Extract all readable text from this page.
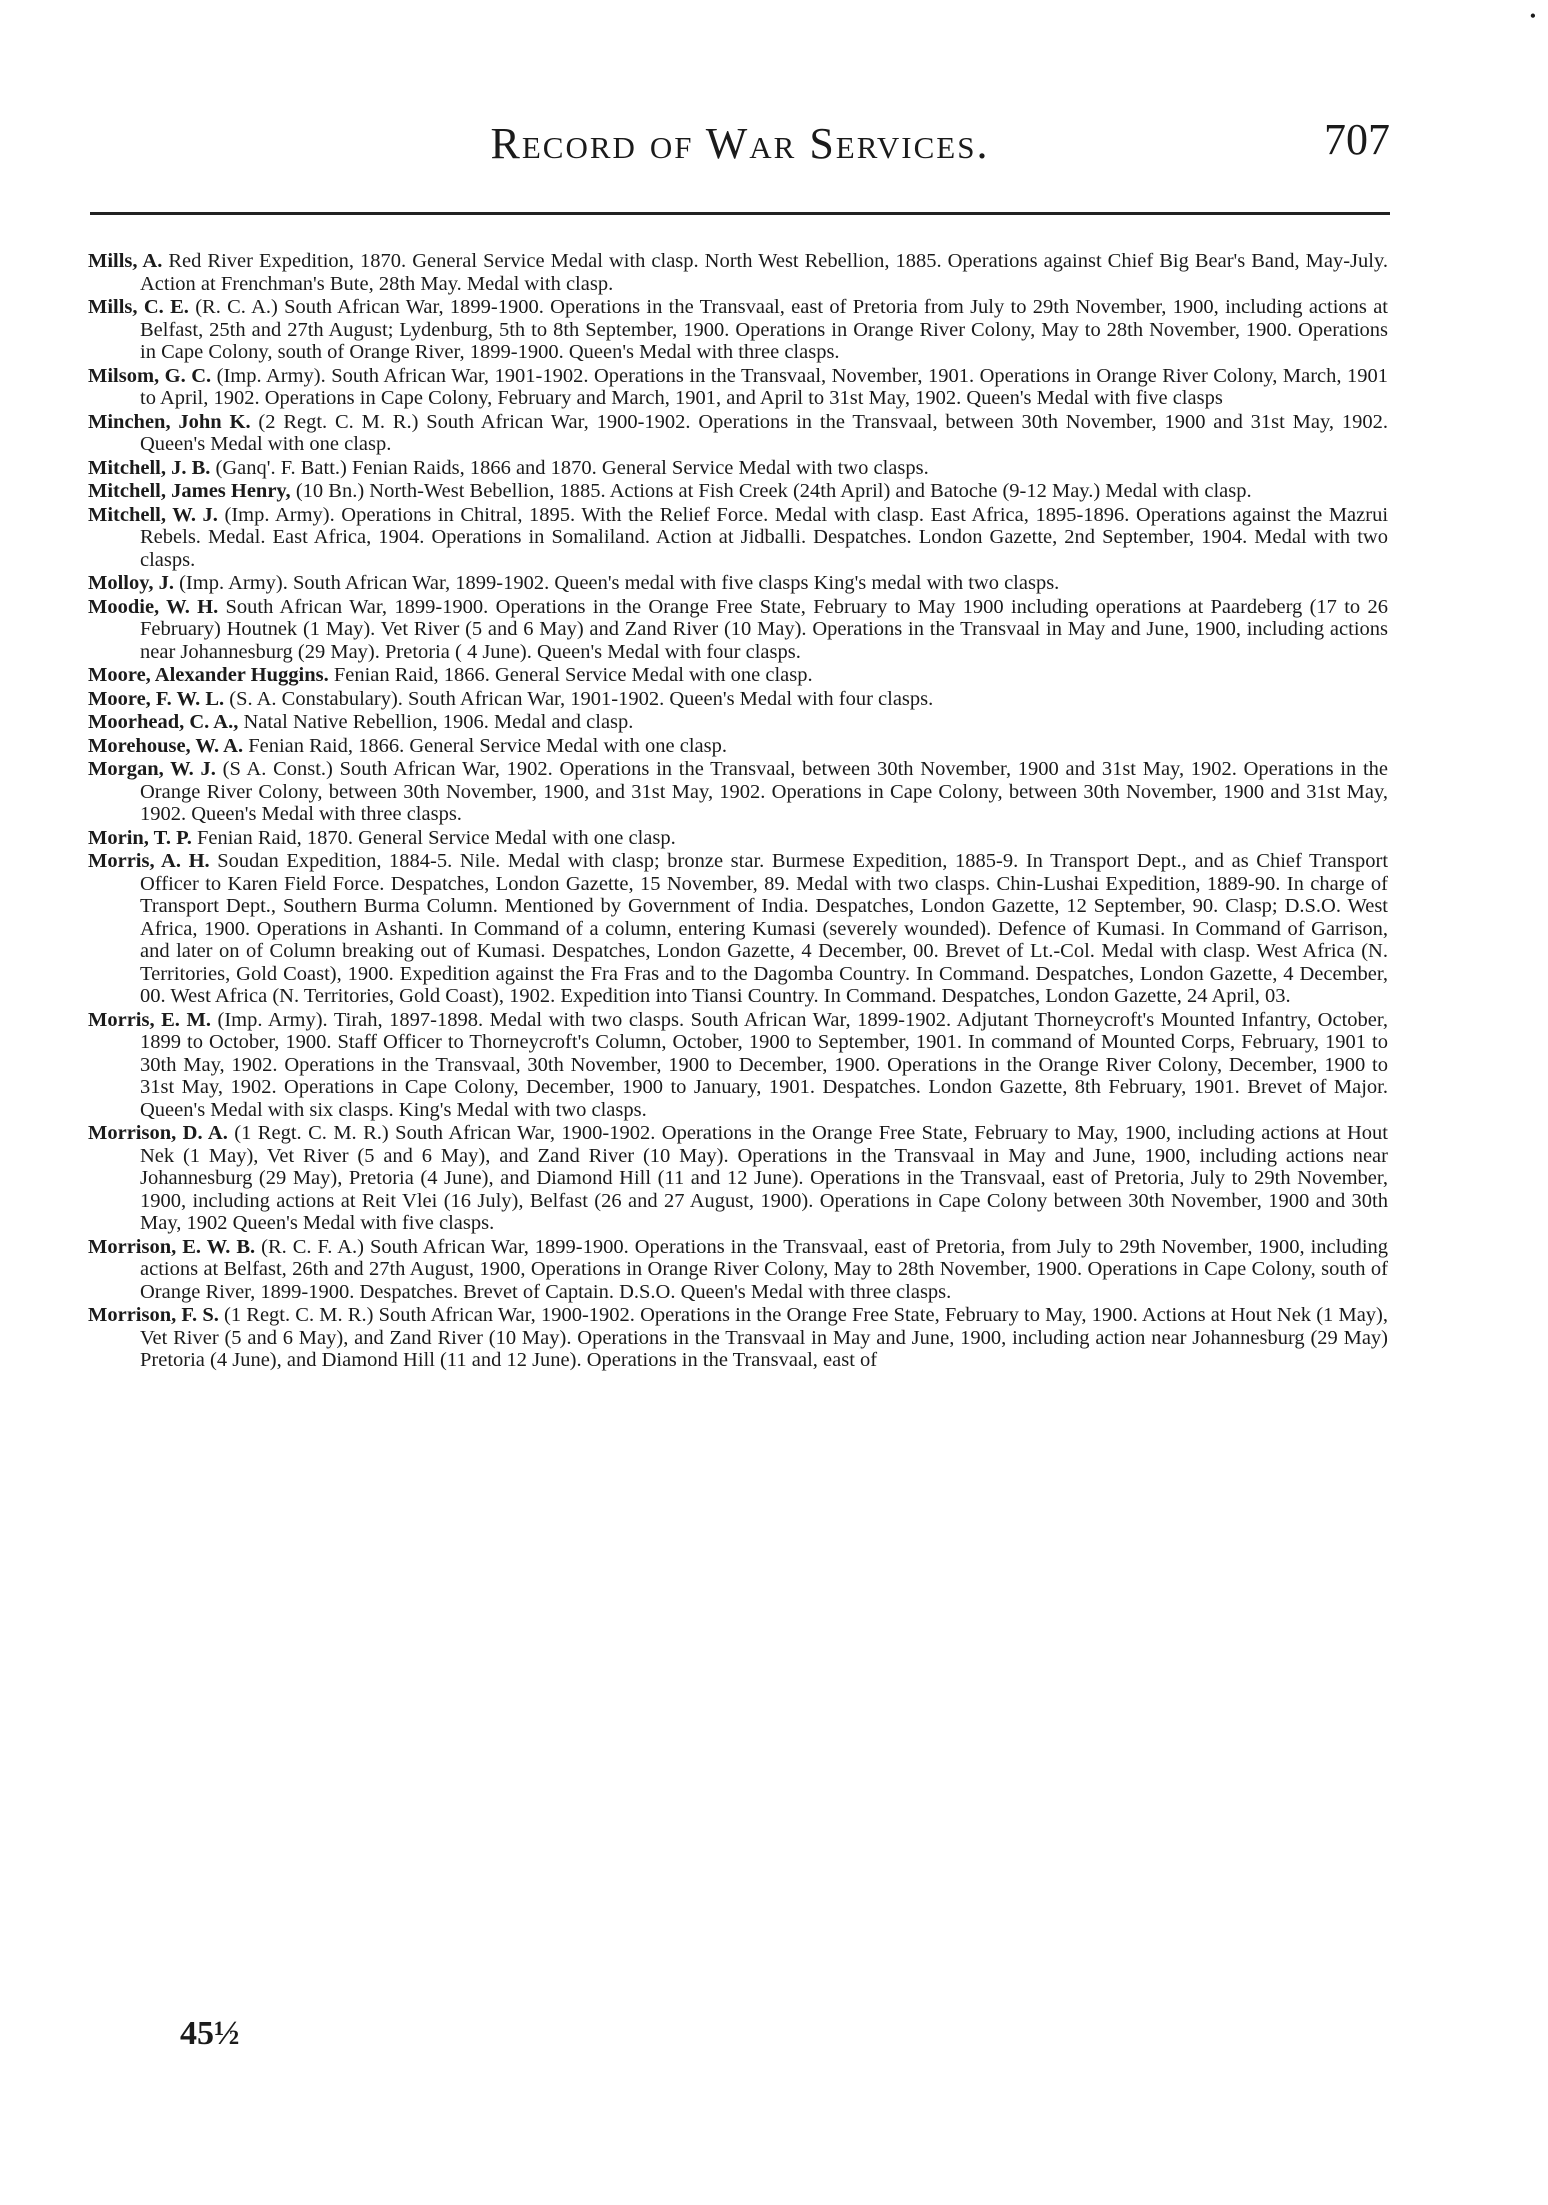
•
Record of War Services.	707

Mills, A. Red River Expedition, 1870. General Service Medal with clasp. North West Rebellion, 1885. Operations against Chief Big Bear's Band, May-July. Action at Frenchman's Bute, 28th May. Medal with clasp.

Mills, C. E. (R. C. A.) South African War, 1899-1900. Operations in the Transvaal, east of Pretoria from July to 29th November, 1900, including actions at Belfast, 25th and 27th August; Lydenburg, 5th to 8th September, 1900. Operations in Orange River Colony, May to 28th November, 1900. Operations in Cape Colony, south of Orange River, 1899-1900. Queen's Medal with three clasps.

Milsom, G. C. (Imp. Army). South African War, 1901-1902. Operations in the Transvaal, November, 1901. Operations in Orange River Colony, March, 1901 to April, 1902. Operations in Cape Colony, February and March, 1901, and April to 31st May, 1902. Queen's Medal with five clasps

Minchen, John K. (2 Regt. C. M. R.) South African War, 1900-1902. Operations in the Transvaal, between 30th November, 1900 and 31st May, 1902. Queen's Medal with one clasp.

Mitchell, J. B. (Ganq'. F. Batt.) Fenian Raids, 1866 and 1870. General Service Medal with two clasps.

Mitchell, James Henry, (10 Bn.) North-West Bebellion, 1885. Actions at Fish Creek (24th April) and Batoche (9-12 May.) Medal with clasp.

Mitchell, W. J. (Imp. Army). Operations in Chitral, 1895. With the Relief Force. Medal with clasp. East Africa, 1895-1896. Operations against the Mazrui Rebels. Medal. East Africa, 1904. Operations in Somaliland. Action at Jidballi. Despatches. London Gazette, 2nd September, 1904. Medal with two clasps.

Molloy, J. (Imp. Army). South African War, 1899-1902. Queen's medal with five clasps King's medal with two clasps.

Moodie, W. H. South African War, 1899-1900. Operations in the Orange Free State, February to May 1900 including operations at Paardeberg (17 to 26 February) Houtnek (1 May). Vet River (5 and 6 May) and Zand River (10 May). Operations in the Transvaal in May and June, 1900, including actions near Johannesburg (29 May). Pretoria ( 4 June). Queen's Medal with four clasps.

Moore, Alexander Huggins. Fenian Raid, 1866. General Service Medal with one clasp.

Moore, F. W. L. (S. A. Constabulary). South African War, 1901-1902. Queen's Medal with four clasps.

Moorhead, C. A., Natal Native Rebellion, 1906. Medal and clasp.

Morehouse, W. A. Fenian Raid, 1866. General Service Medal with one clasp.

Morgan, W. J. (S A. Const.) South African War, 1902. Operations in the Transvaal, between 30th November, 1900 and 31st May, 1902. Operations in the Orange River Colony, between 30th November, 1900, and 31st May, 1902. Operations in Cape Colony, between 30th November, 1900 and 31st May, 1902. Queen's Medal with three clasps.

Morin, T. P. Fenian Raid, 1870. General Service Medal with one clasp.

Morris, A. H. Soudan Expedition, 1884-5. Nile. Medal with clasp; bronze star. Burmese Expedition, 1885-9. In Transport Dept., and as Chief Transport Officer to Karen Field Force. Despatches, London Gazette, 15 November, 89. Medal with two clasps. Chin-Lushai Expedition, 1889-90. In charge of Transport Dept., Southern Burma Column. Mentioned by Government of India. Despatches, London Gazette, 12 September, 90. Clasp; D.S.O. West Africa, 1900. Operations in Ashanti. In Command of a column, entering Kumasi (severely wounded). Defence of Kumasi. In Command of Garrison, and later on of Column breaking out of Kumasi. Despatches, London Gazette, 4 December, 00. Brevet of Lt.-Col. Medal with clasp. West Africa (N. Territories, Gold Coast), 1900. Expedition against the Fra Fras and to the Dagomba Country. In Command. Despatches, London Gazette, 4 December, 00. West Africa (N. Territories, Gold Coast), 1902. Expedition into Tiansi Country. In Command. Despatches, London Gazette, 24 April, 03.

Morris, E. M. (Imp. Army). Tirah, 1897-1898. Medal with two clasps. South African War, 1899-1902. Adjutant Thorneycroft's Mounted Infantry, October, 1899 to October, 1900. Staff Officer to Thorneycroft's Column, October, 1900 to September, 1901. In command of Mounted Corps, February, 1901 to 30th May, 1902. Operations in the Transvaal, 30th November, 1900 to December, 1900. Operations in the Orange River Colony, December, 1900 to 31st May, 1902. Operations in Cape Colony, December, 1900 to January, 1901. Despatches. London Gazette, 8th February, 1901. Brevet of Major. Queen's Medal with six clasps. King's Medal with two clasps.

Morrison, D. A. (1 Regt. C. M. R.) South African War, 1900-1902. Operations in the Orange Free State, February to May, 1900, including actions at Hout Nek (1 May), Vet River (5 and 6 May), and Zand River (10 May). Operations in the Transvaal in May and June, 1900, including actions near Johannesburg (29 May), Pretoria (4 June), and Diamond Hill (11 and 12 June). Operations in the Transvaal, east of Pretoria, July to 29th November, 1900, including actions at Reit Vlei (16 July), Belfast (26 and 27 August, 1900). Operations in Cape Colony between 30th November, 1900 and 30th May, 1902 Queen's Medal with five clasps.

Morrison, E. W. B. (R. C. F. A.) South African War, 1899-1900. Operations in the Transvaal, east of Pretoria, from July to 29th November, 1900, including actions at Belfast, 26th and 27th August, 1900, Operations in Orange River Colony, May to 28th November, 1900. Operations in Cape Colony, south of Orange River, 1899-1900. Despatches. Brevet of Captain. D.S.O. Queen's Medal with three clasps.

Morrison, F. S. (1 Regt. C. M. R.) South African War, 1900-1902. Operations in the Orange Free State, February to May, 1900. Actions at Hout Nek (1 May), Vet River (5 and 6 May), and Zand River (10 May). Operations in the Transvaal in May and June, 1900, including action near Johannesburg (29 May) Pretoria (4 June), and Diamond Hill (11 and 12 June). Operations in the Transvaal, east of

45½
